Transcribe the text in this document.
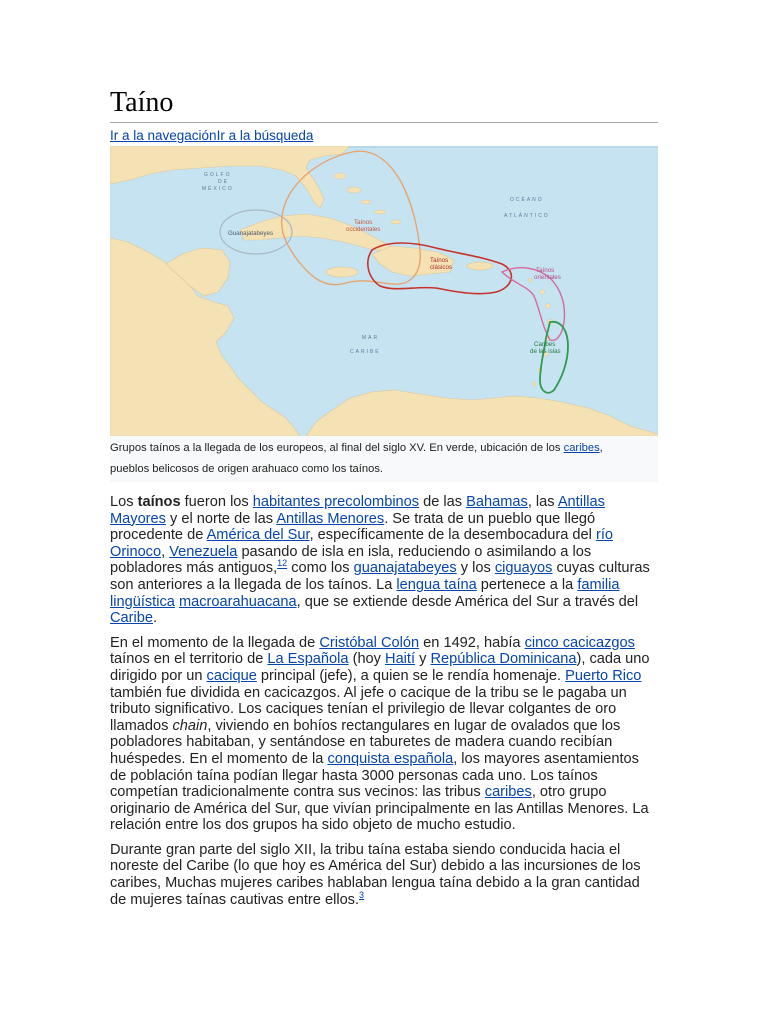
Taíno
Ir a la navegaciónIr a la búsqueda
GOLFO
DE
MÉXICO
OCÉANO
ATLÁNTICO
MAR
CARIBE
Guanajatabeyes
Taínos
occidentales
Taínos
clásicos	Taínos
orientales
Caribes
de las islas
Grupos taínos a la llegada de los europeos, al final del siglo XV. En verde, ubicación de los caribes,
pueblos belicosos de origen arahuaco como los taínos.

Los taínos fueron los habitantes precolombinos de las Bahamas, las Antillas Mayores y el norte de las Antillas Menores. Se trata de un pueblo que llegó procedente de América del Sur, específicamente de la desembocadura del río Orinoco, Venezuela pasando de isla en isla, reduciendo o asimilando a los pobladores más antiguos,$^{12}$ como los guanajatabeyes y los ciguayos cuyas culturas son anteriores a la llegada de los taínos. La lengua taína pertenece a la familia lingüística macroarahuacana, que se extiende desde América del Sur a través del Caribe.

En el momento de la llegada de Cristóbal Colón en 1492, había cinco cacicazgos taínos en el territorio de La Española (hoy Haití y República Dominicana), cada uno dirigido por un cacique principal (jefe), a quien se le rendía homenaje. Puerto Rico también fue dividida en cacicazgos. Al jefe o cacique de la tribu se le pagaba un tributo significativo. Los caciques tenían el privilegio de llevar colgantes de oro llamados chain, viviendo en bohíos rectangulares en lugar de ovalados que los pobladores habitaban, y sentándose en taburetes de madera cuando recibían huéspedes. En el momento de la conquista española, los mayores asentamientos de población taína podían llegar hasta 3000 personas cada uno. Los taínos competían tradicionalmente contra sus vecinos: las tribus caribes, otro grupo originario de América del Sur, que vivían principalmente en las Antillas Menores. La relación entre los dos grupos ha sido objeto de mucho estudio.

Durante gran parte del siglo XII, la tribu taína estaba siendo conducida hacia el noreste del Caribe (lo que hoy es América del Sur) debido a las incursiones de los caribes, Muchas mujeres caribes hablaban lengua taína debido a la gran cantidad de mujeres taínas cautivas entre ellos.$^3$
